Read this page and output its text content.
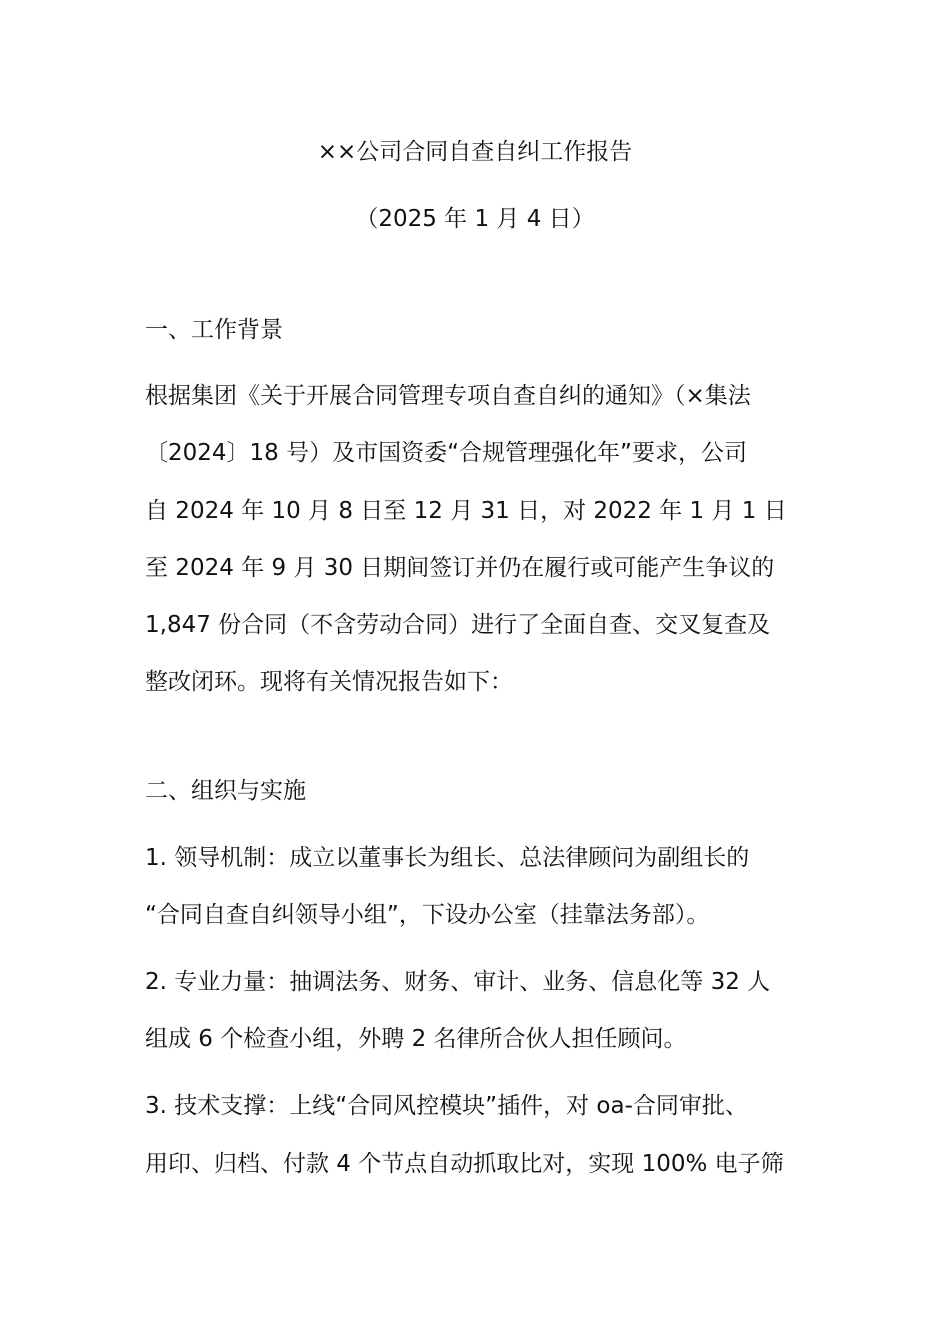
××公司合同自查自纠工作报告
（2025 年 1 月 4 日）
一、工作背景
根据集团《关于开展合同管理专项自查自纠的通知》（×集法
〔2024〕18 号）及市国资委“合规管理强化年”要求，公司
自 2024 年 10 月 8 日至 12 月 31 日，对 2022 年 1 月 1 日
至 2024 年 9 月 30 日期间签订并仍在履行或可能产生争议的
1,847 份合同（不含劳动合同）进行了全面自查、交叉复查及
整改闭环。现将有关情况报告如下：
二、组织与实施
1. 领导机制：成立以董事长为组长、总法律顾问为副组长的
“合同自查自纠领导小组”，下设办公室（挂靠法务部）。
2. 专业力量：抽调法务、财务、审计、业务、信息化等 32 人
组成 6 个检查小组，外聘 2 名律所合伙人担任顾问。
3. 技术支撑：上线“合同风控模块”插件，对 oa-合同审批、
用印、归档、付款 4 个节点自动抓取比对，实现 100% 电子筛
